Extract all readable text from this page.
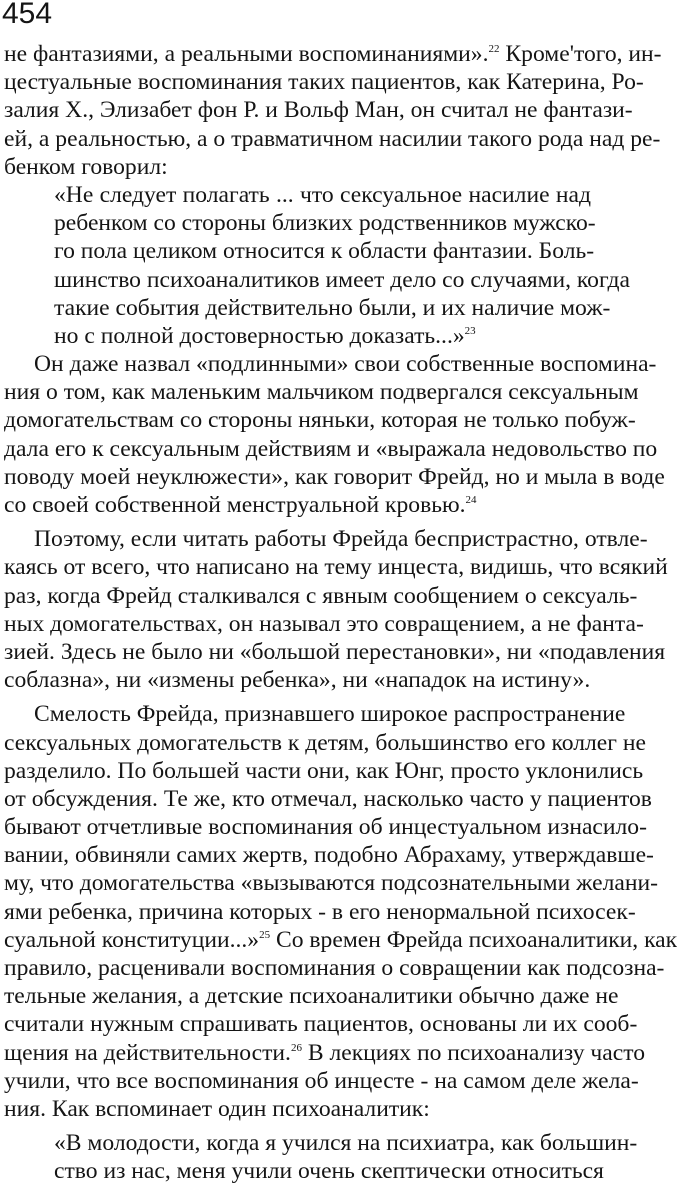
454
не фантазиями, а реальными воспоминаниями».$^{22}$ Кроме'того, ин-
цестуальные воспоминания таких пациентов, как Катерина, Ро-
залия X., Элизабет фон Р. и Вольф Ман, он считал не фантази-
ей, а реальностью, а о травматичном насилии такого рода над ре-
бенком говорил:
«Не следует полагать ... что сексуальное насилие над
ребенком со стороны близких родственников мужско-
го пола целиком относится к области фантазии. Боль-
шинство психоаналитиков имеет дело со случаями, когда
такие события действительно были, и их наличие мож-
но с полной достоверностью доказать...»$^{23}$
Он даже назвал «подлинными» свои собственные воспомина-
ния о том, как маленьким мальчиком подвергался сексуальным
домогательствам со стороны няньки, которая не только побуж-
дала его к сексуальным действиям и «выражала недовольство по
поводу моей неуклюжести», как говорит Фрейд, но и мыла в воде
со своей собственной менструальной кровью.$^{24}$
Поэтому, если читать работы Фрейда беспристрастно, отвле-
каясь от всего, что написано на тему инцеста, видишь, что всякий
раз, когда Фрейд сталкивался с явным сообщением о сексуаль-
ных домогательствах, он называл это совращением, а не фанта-
зией. Здесь не было ни «большой перестановки», ни «подавления
соблазна», ни «измены ребенка», ни «нападок на истину».
Смелость Фрейда, признавшего широкое распространение
сексуальных домогательств к детям, большинство его коллег не
разделило. По большей части они, как Юнг, просто уклонились
от обсуждения. Те же, кто отмечал, насколько часто у пациентов
бывают отчетливые воспоминания об инцестуальном изнасило-
вании, обвиняли самих жертв, подобно Абрахаму, утверждавше-
му, что домогательства «вызываются подсознательными желани-
ями ребенка, причина которых - в его ненормальной психосек-
суальной конституции...»$^{25}$ Со времен Фрейда психоаналитики, как
правило, расценивали воспоминания о совращении как подсозна-
тельные желания, а детские психоаналитики обычно даже не
считали нужным спрашивать пациентов, основаны ли их сооб-
щения на действительности.$^{26}$ В лекциях по психоанализу часто
учили, что все воспоминания об инцесте - на самом деле жела-
ния. Как вспоминает один психоаналитик:
«В молодости, когда я учился на психиатра, как большин-
ство из нас, меня учили очень скептически относиться
